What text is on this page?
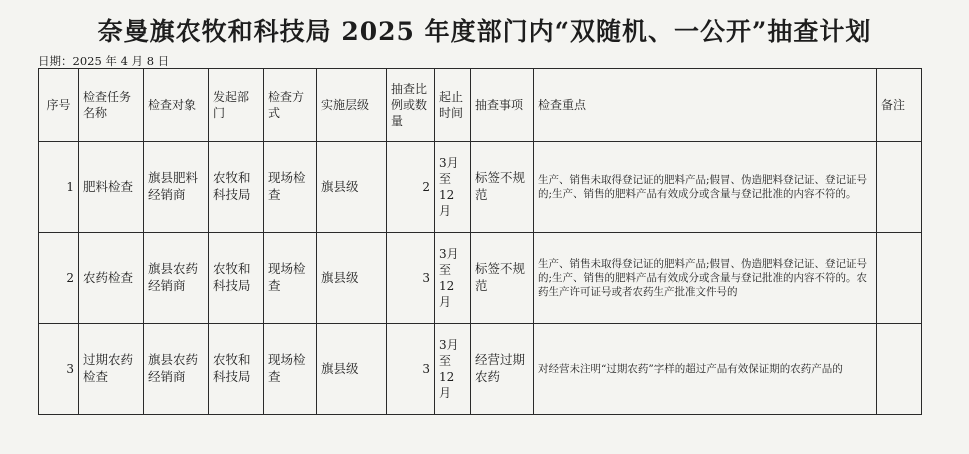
奈曼旗农牧和科技局 2025 年度部门内“双随机、一公开”抽查计划
日期：2025 年 4 月 8 日
序号	检查任务名称	检查对象	发起部门	检查方式	实施层级	抽查比例或数量	起止时间	抽查事项	检查重点	备注
1	肥料检查	旗县肥料经销商	农牧和科技局	现场检查	旗县级	2	3月至12月	标签不规范	生产、销售未取得登记证的肥料产品;假冒、伪造肥料登记证、登记证号的;生产、销售的肥料产品有效成分或含量与登记批准的内容不符的。	
2	农药检查	旗县农药经销商	农牧和科技局	现场检查	旗县级	3	3月至12月	标签不规范	生产、销售未取得登记证的肥料产品;假冒、伪造肥料登记证、登记证号的;生产、销售的肥料产品有效成分或含量与登记批准的内容不符的。农药生产许可证号或者农药生产批准文件号的	
3	过期农药检查	旗县农药经销商	农牧和科技局	现场检查	旗县级	3	3月至12月	经营过期农药	对经营未注明“过期农药”字样的超过产品有效保证期的农药产品的	
